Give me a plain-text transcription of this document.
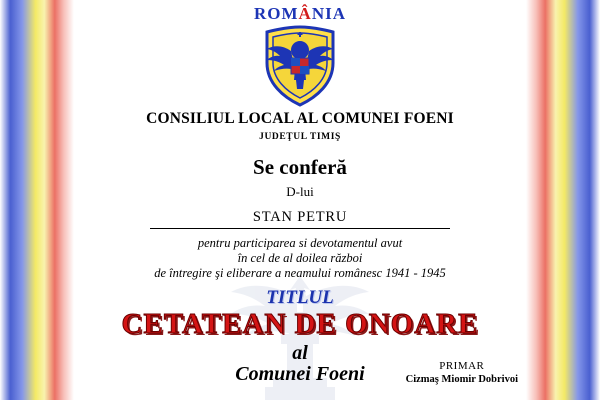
ROMÂNIA
CONSILIUL LOCAL AL COMUNEI FOENI
JUDEŢUL TIMIŞ
Se conferă
D-lui
STAN PETRU
pentru participarea si devotamentul avut
în cel de al doilea război
de întregire şi eliberare a neamului românesc 1941 - 1945
TITLUL
CETATEAN DE ONOARE
al
Comunei Foeni	PRIMAR
Cizmaş Miomir Dobrivoi
